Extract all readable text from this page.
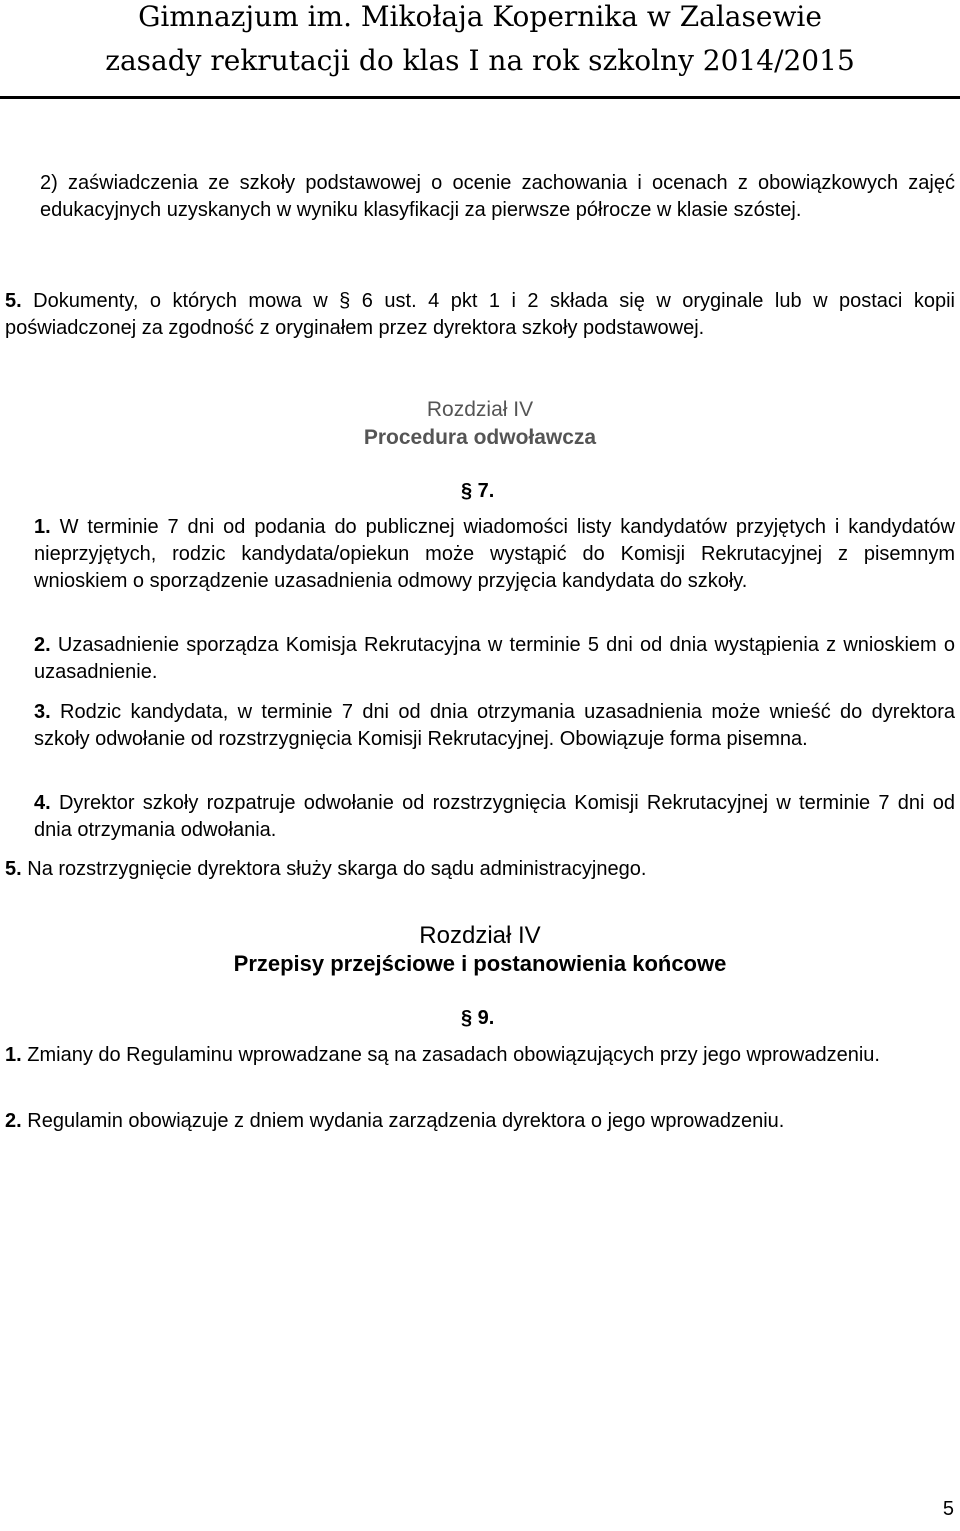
Gimnazjum im. Mikołaja Kopernika w Zalasewie
zasady rekrutacji do klas I na rok szkolny 2014/2015

2) zaświadczenia ze szkoły podstawowej o ocenie zachowania i ocenach z obowiązkowych zajęć edukacyjnych uzyskanych w wyniku klasyfikacji za pierwsze półrocze w klasie szóstej.

5. Dokumenty, o których mowa w § 6 ust. 4 pkt 1 i 2 składa się w oryginale lub w postaci kopii poświadczonej za zgodność z oryginałem przez dyrektora szkoły podstawowej.

Rozdział IV
Procedura odwoławcza
§ 7.

1. W terminie 7 dni od podania do publicznej wiadomości listy kandydatów przyjętych i kandydatów nieprzyjętych, rodzic kandydata/opiekun może wystąpić do Komisji Rekrutacyjnej z pisemnym wnioskiem o sporządzenie uzasadnienia odmowy przyjęcia kandydata do szkoły.

2. Uzasadnienie sporządza Komisja Rekrutacyjna w terminie 5 dni od dnia wystąpienia z wnioskiem o uzasadnienie.

3. Rodzic kandydata, w terminie 7 dni od dnia otrzymania uzasadnienia może wnieść do dyrektora szkoły odwołanie od rozstrzygnięcia Komisji Rekrutacyjnej. Obowiązuje forma pisemna.

4. Dyrektor szkoły rozpatruje odwołanie od rozstrzygnięcia Komisji Rekrutacyjnej w terminie 7 dni od dnia otrzymania odwołania.

5. Na rozstrzygnięcie dyrektora służy skarga do sądu administracyjnego.

Rozdział IV
Przepisy przejściowe i postanowienia końcowe
§ 9.

1. Zmiany do Regulaminu wprowadzane są na zasadach obowiązujących przy jego wprowadzeniu.

2. Regulamin obowiązuje z dniem wydania zarządzenia dyrektora o jego wprowadzeniu.

5
